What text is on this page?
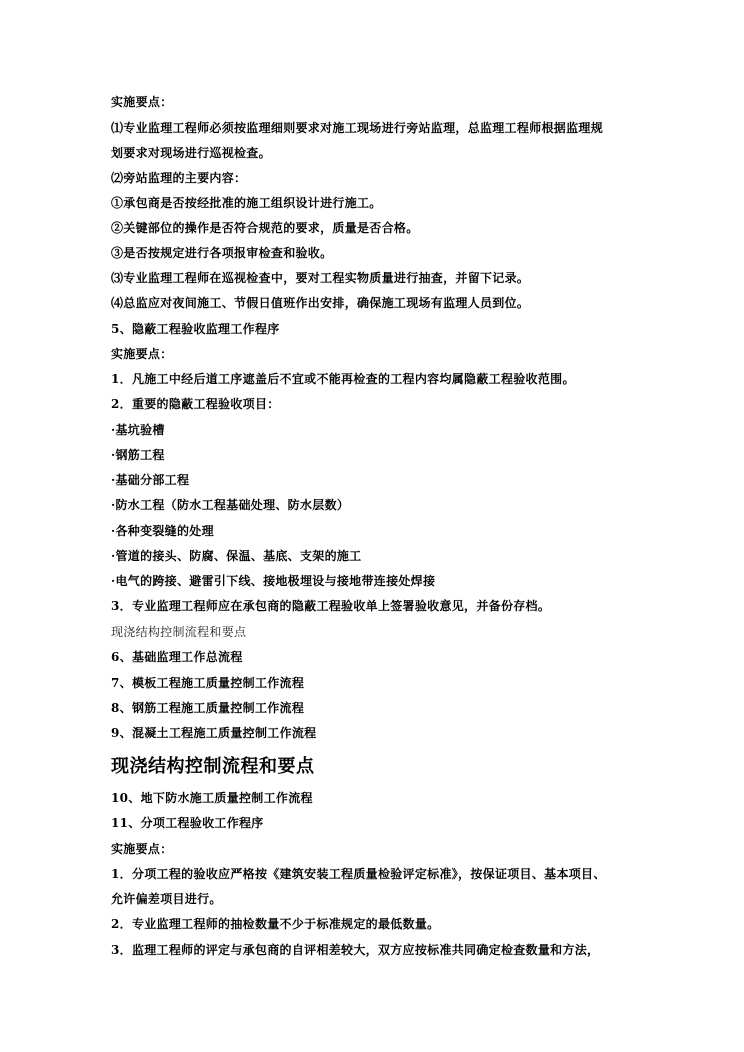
实施要点：
⑴专业监理工程师必须按监理细则要求对施工现场进行旁站监理，总监理工程师根据监理规
划要求对现场进行巡视检查。
⑵旁站监理的主要内容：
①承包商是否按经批准的施工组织设计进行施工。
②关键部位的操作是否符合规范的要求，质量是否合格。
③是否按规定进行各项报审检查和验收。
⑶专业监理工程师在巡视检查中，要对工程实物质量进行抽查，并留下记录。
⑷总监应对夜间施工、节假日值班作出安排，确保施工现场有监理人员到位。
5、隐蔽工程验收监理工作程序
实施要点：
1．凡施工中经后道工序遮盖后不宜或不能再检查的工程内容均属隐蔽工程验收范围。
2．重要的隐蔽工程验收项目：
·基坑验槽
·钢筋工程
·基础分部工程
·防水工程（防水工程基础处理、防水层数）
·各种变裂缝的处理
·管道的接头、防腐、保温、基底、支架的施工
·电气的跨接、避雷引下线、接地极埋设与接地带连接处焊接
3．专业监理工程师应在承包商的隐蔽工程验收单上签署验收意见，并备份存档。
现浇结构控制流程和要点
6、基础监理工作总流程
7、模板工程施工质量控制工作流程
8、钢筋工程施工质量控制工作流程
9、混凝土工程施工质量控制工作流程
现浇结构控制流程和要点
10、地下防水施工质量控制工作流程
11、分项工程验收工作程序
实施要点：
1．分项工程的验收应严格按《建筑安装工程质量检验评定标准》，按保证项目、基本项目、
允许偏差项目进行。
2．专业监理工程师的抽检数量不少于标准规定的最低数量。
3．监理工程师的评定与承包商的自评相差较大，双方应按标准共同确定检查数量和方法，
